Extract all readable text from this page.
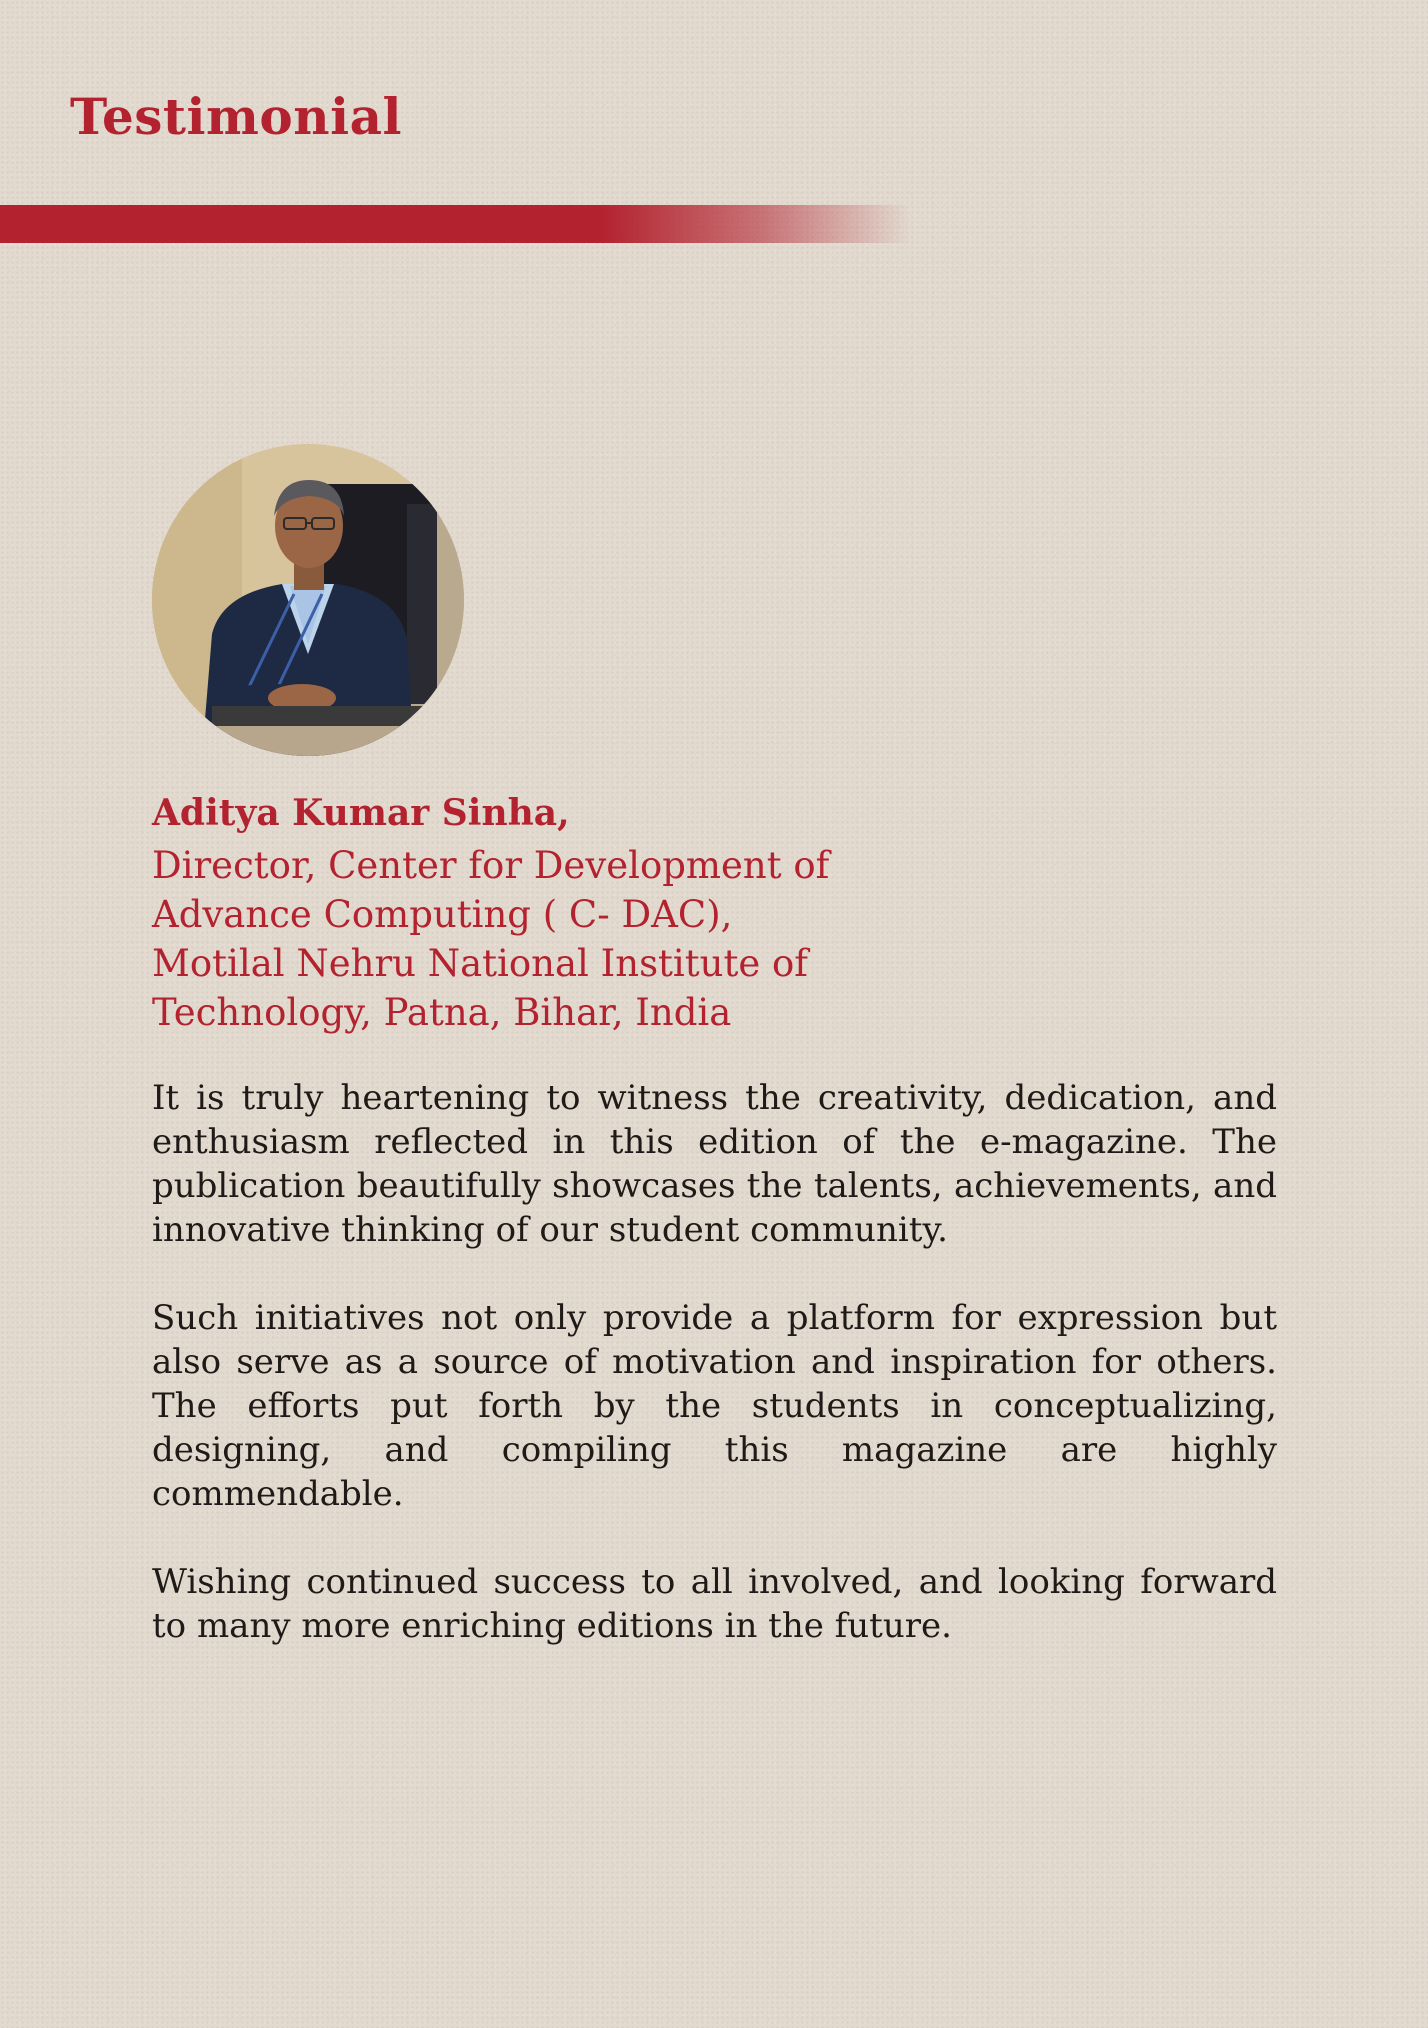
Testimonial

Aditya Kumar Sinha,

Director, Center for Development of
Advance Computing ( C- DAC),
Motilal Nehru National Institute of
Technology, Patna, Bihar, India

It is truly heartening to witness the creativity, dedication, and enthusiasm reflected in this edition of the e-magazine. The publication beautifully showcases the talents, achievements, and innovative thinking of our student community.

Such initiatives not only provide a platform for expression but also serve as a source of motivation and inspiration for others. The efforts put forth by the students in conceptualizing, designing, and compiling this magazine are highly commendable.

Wishing continued success to all involved, and looking forward to many more enriching editions in the future.
